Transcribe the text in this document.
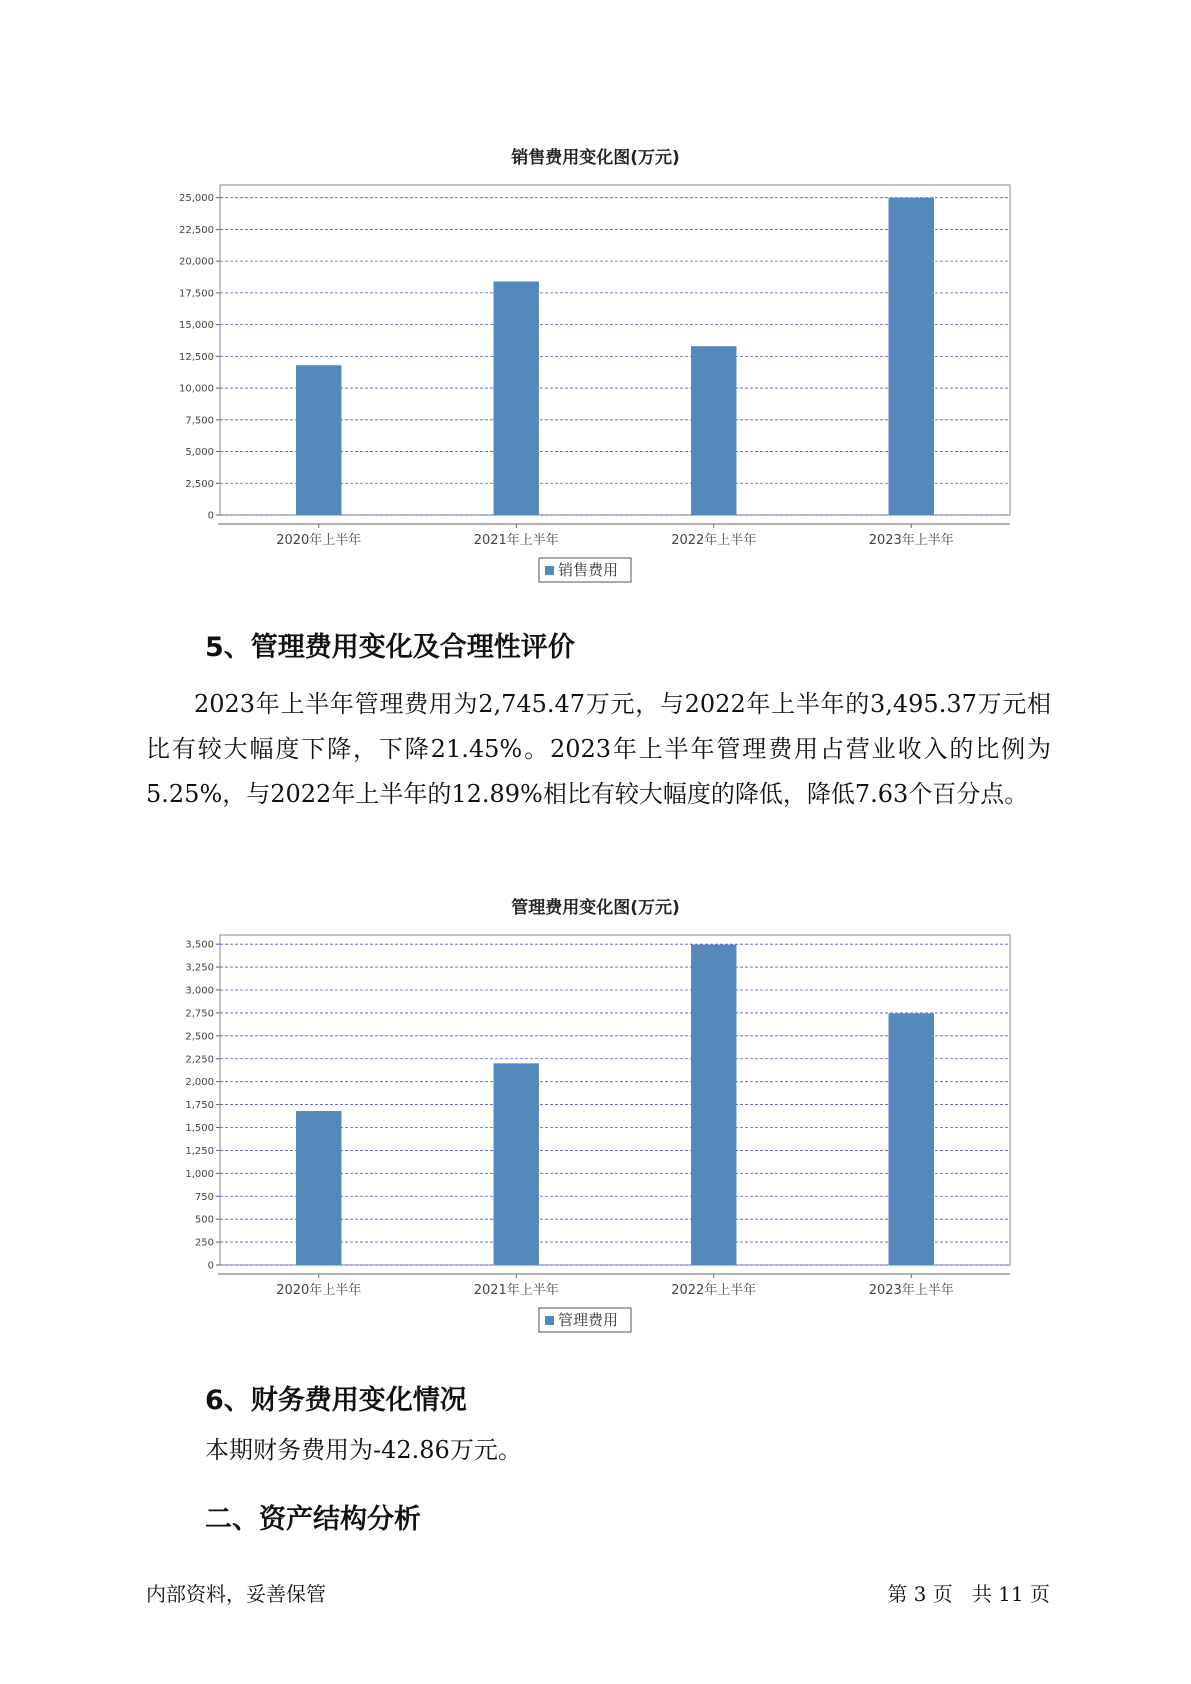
销售费用变化图(万元)
0
2,500
5,000
7,500
10,000
12,500
15,000
17,500
20,000
22,500
25,000
2020年上半年	2021年上半年	2022年上半年	2023年上半年
销售费用
5、管理费用变化及合理性评价

2023年上半年管理费用为2,745.47万元，与2022年上半年的3,495.37万元相比有较大幅度下降，下降21.45%。2023年上半年管理费用占营业收入的比例为5.25%，与2022年上半年的12.89%相比有较大幅度的降低，降低7.63个百分点。

管理费用变化图(万元)
0
250
500
750
1,000
1,250
1,500
1,750
2,000
2,250
2,500
2,750
3,000
3,250
3,500
2020年上半年	2021年上半年	2022年上半年	2023年上半年
管理费用
6、财务费用变化情况

本期财务费用为-42.86万元。

二、资产结构分析
内部资料，妥善保管	第 3 页   共 11 页
